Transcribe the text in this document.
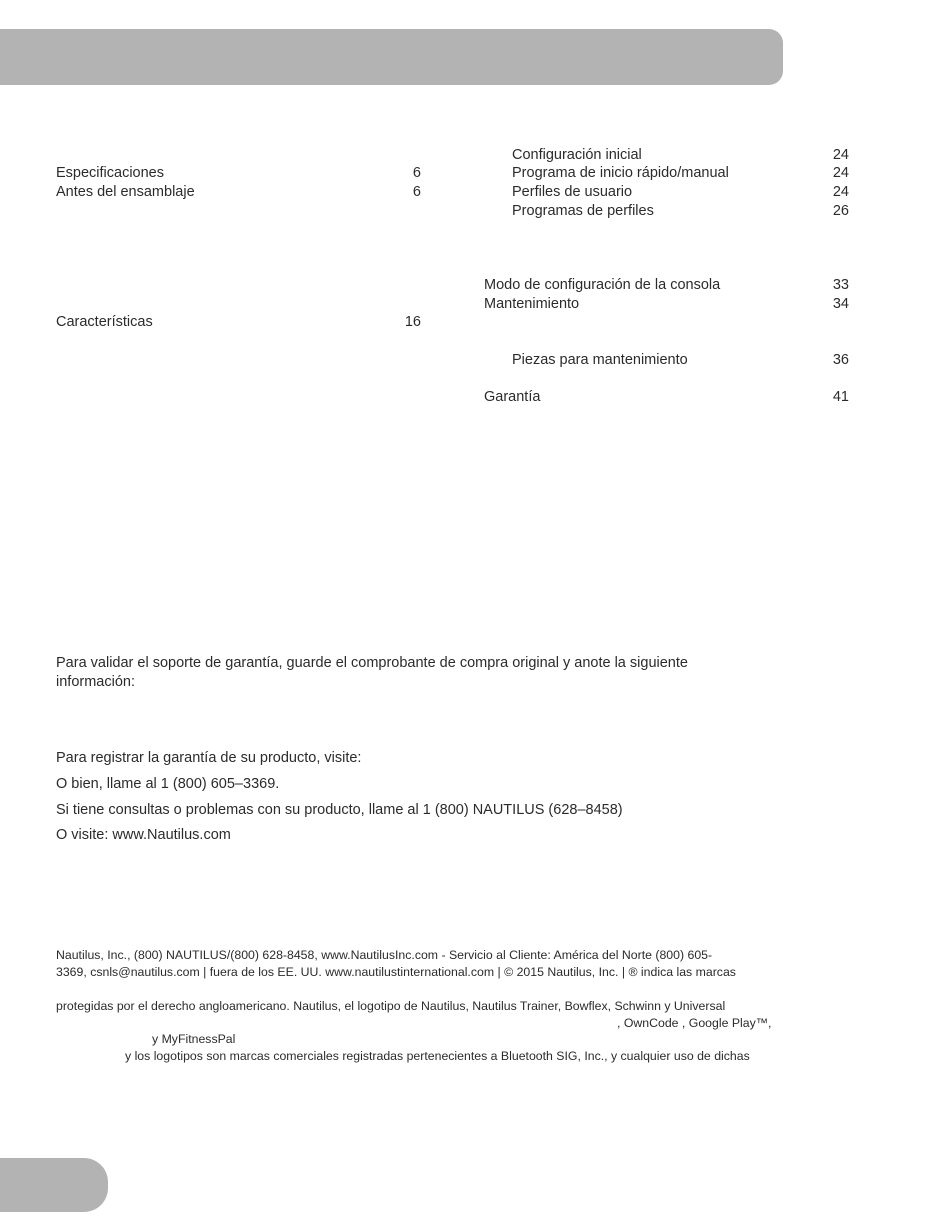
Especificaciones	6
Antes del ensamblaje	6
Características	16
Configuración inicial	24
Programa de inicio rápido/manual	24
Perfiles de usuario	24
Programas de perfiles	26
Modo de configuración de la consola	33
Mantenimiento	34
Piezas para mantenimiento	36
Garantía	41
Para validar el soporte de garantía, guarde el comprobante de compra original y anote la siguiente
información:
Para registrar la garantía de su producto, visite:
O bien, llame al 1 (800) 605–3369.
Si tiene consultas o problemas con su producto, llame al 1 (800) NAUTILUS (628–8458)
O visite: www.Nautilus.com
Nautilus, Inc., (800) NAUTILUS/(800) 628-8458, www.NautilusInc.com - Servicio al Cliente: América del Norte (800) 605-
3369, csnls@nautilus.com | fuera de los EE. UU. www.nautilustinternational.com | © 2015 Nautilus, Inc. | ® indica las marcas
protegidas por el derecho angloamericano. Nautilus, el logotipo de Nautilus, Nautilus Trainer, Bowflex, Schwinn y Universal
, OwnCode , Google Play™,
y MyFitnessPal
y los logotipos son marcas comerciales registradas pertenecientes a Bluetooth SIG, Inc., y cualquier uso de dichas
